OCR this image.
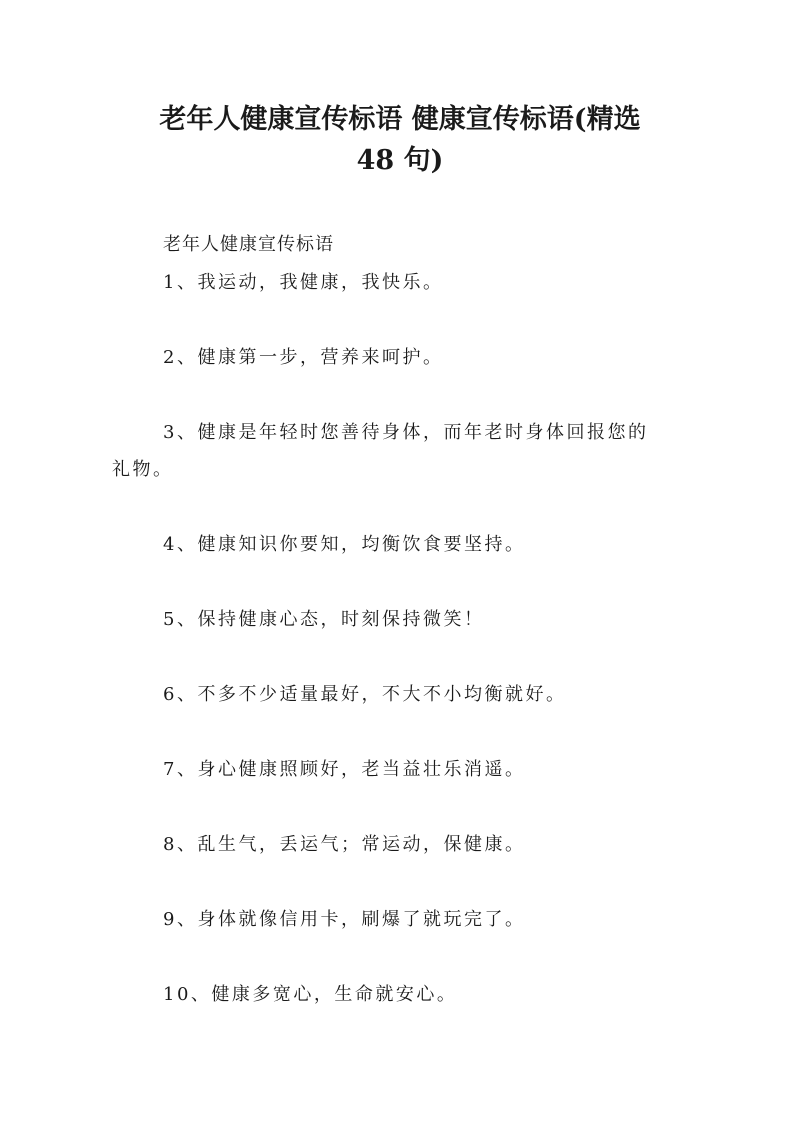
老年人健康宣传标语 健康宣传标语(精选
48 句)
老年人健康宣传标语
1、我运动，我健康，我快乐。
2、健康第一步，营养来呵护。
3、健康是年轻时您善待身体，而年老时身体回报您的
礼物。
4、健康知识你要知，均衡饮食要坚持。
5、保持健康心态，时刻保持微笑！
6、不多不少适量最好，不大不小均衡就好。
7、身心健康照顾好，老当益壮乐消遥。
8、乱生气，丢运气；常运动，保健康。
9、身体就像信用卡，刷爆了就玩完了。
10、健康多宽心，生命就安心。
